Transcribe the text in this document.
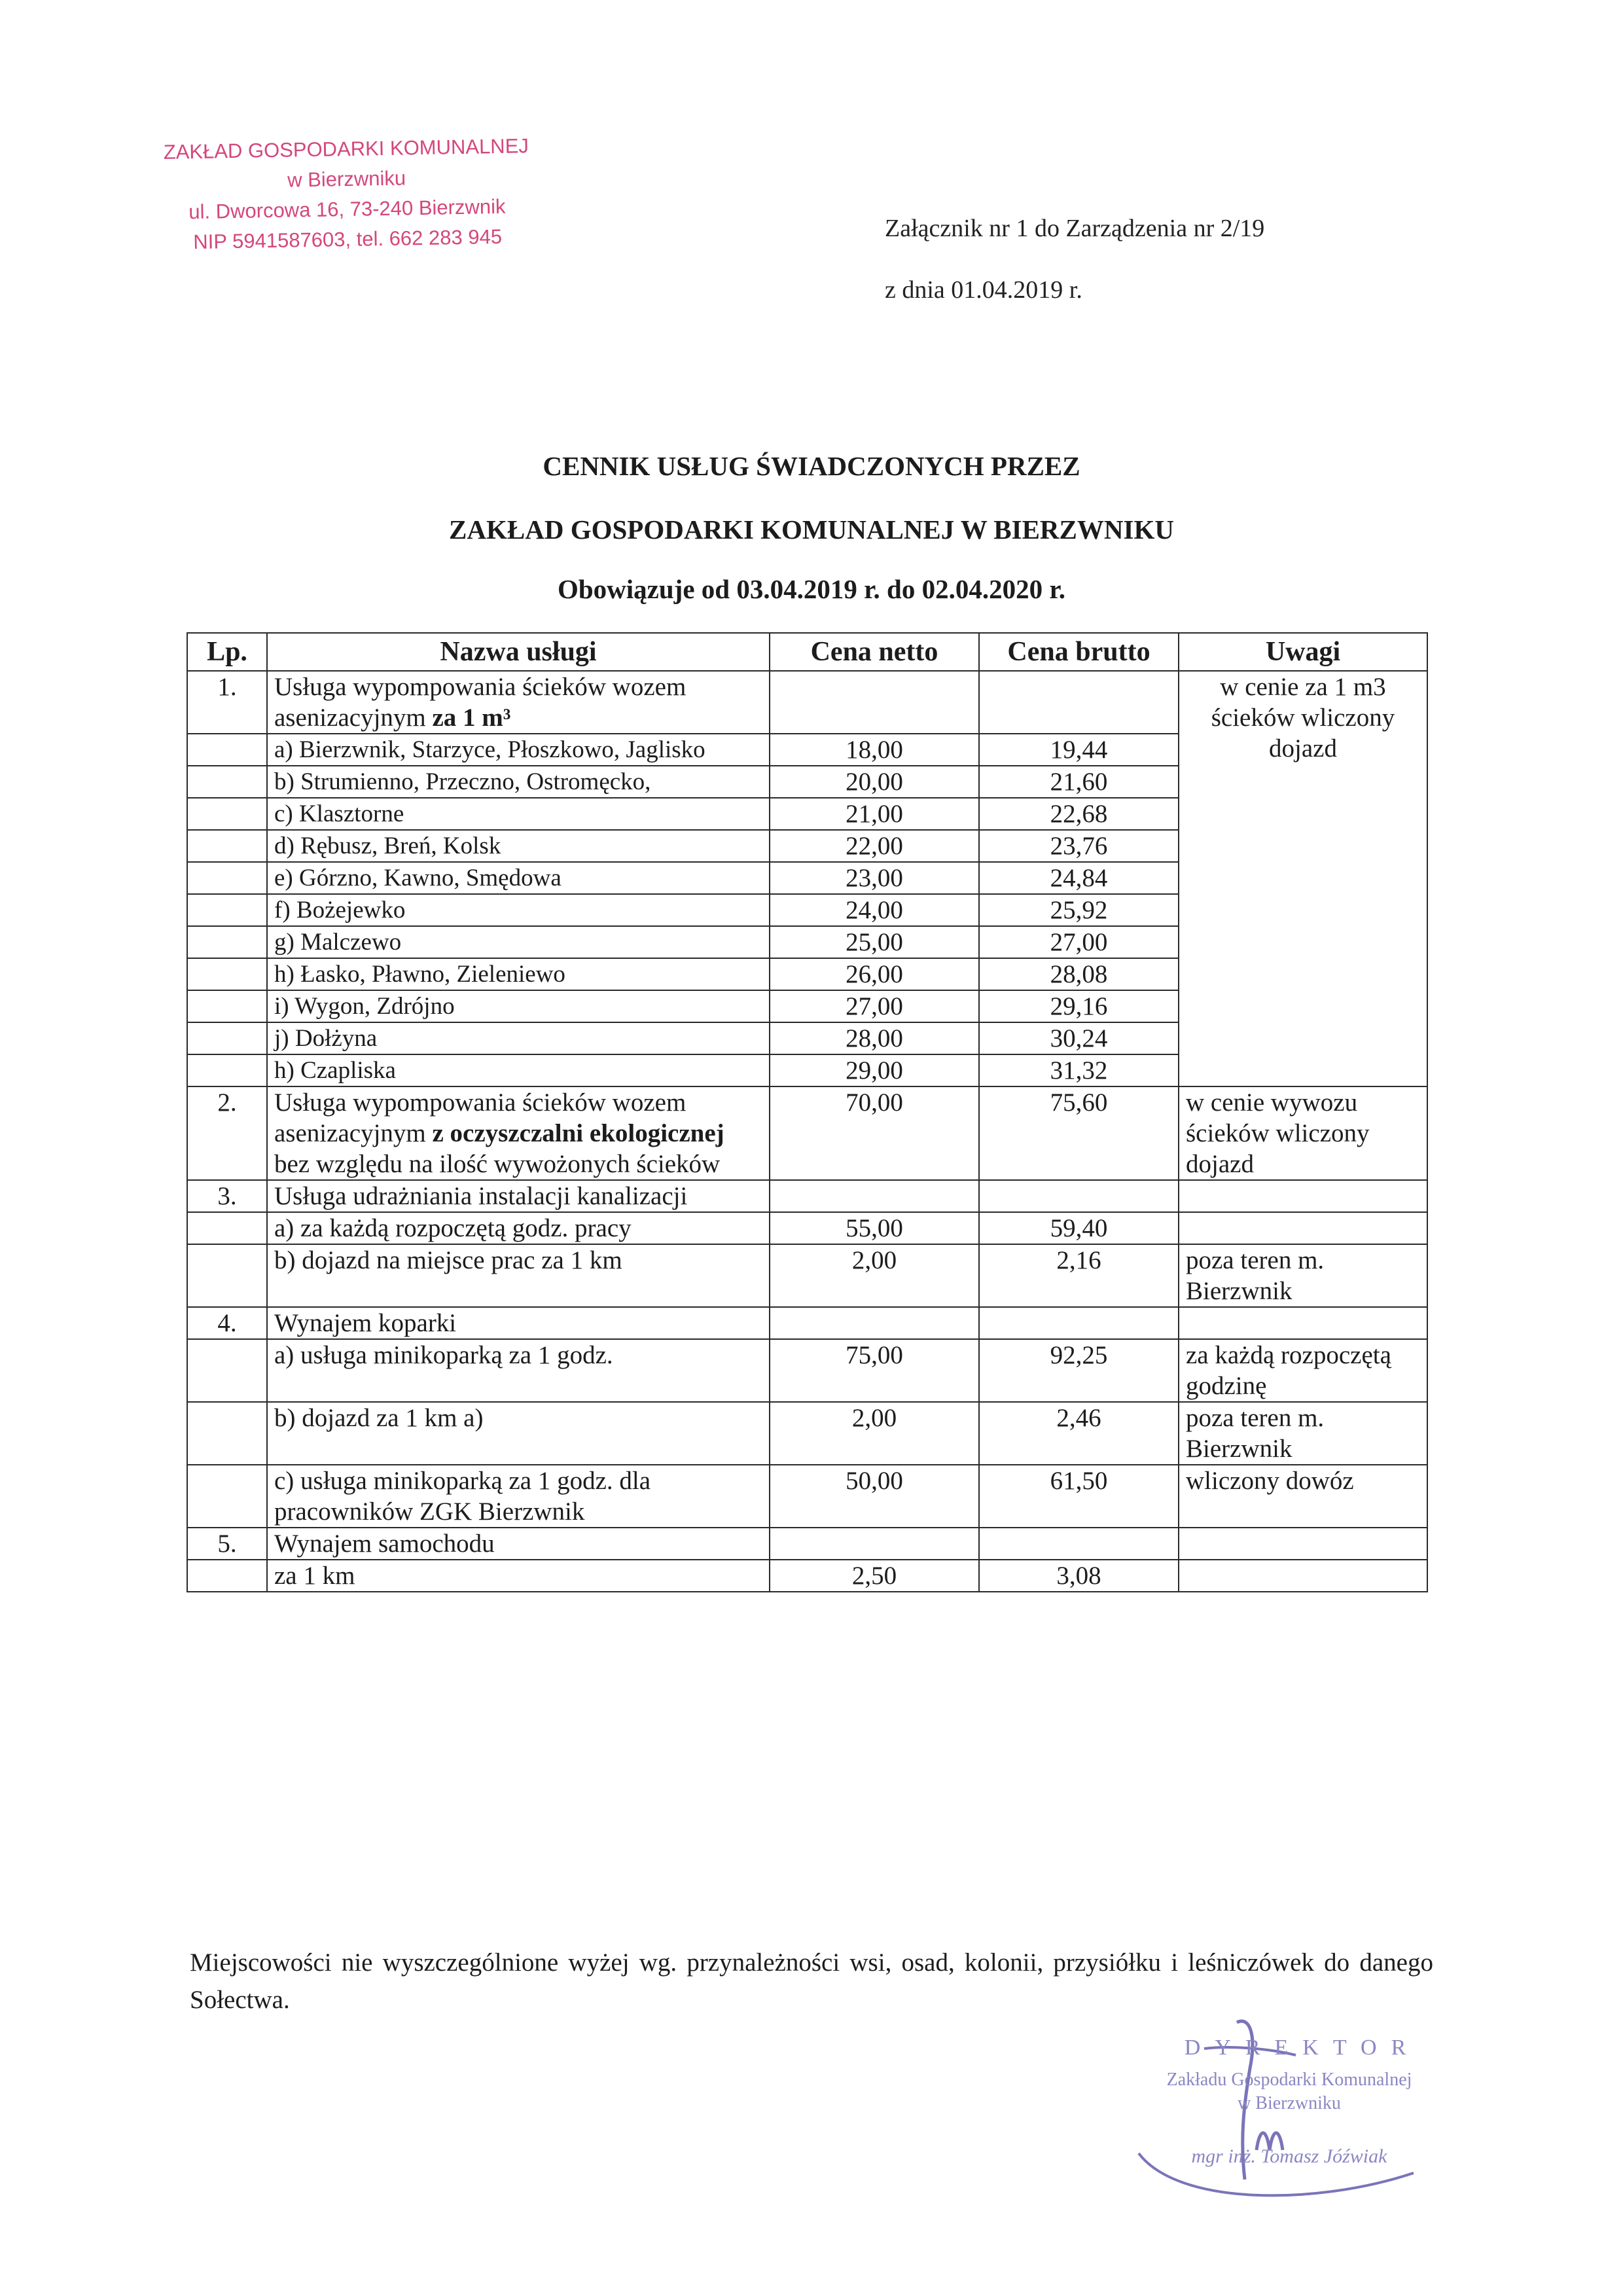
ZAKŁAD GOSPODARKI KOMUNALNEJ
w Bierzwniku
ul. Dworcowa 16, 73-240 Bierzwnik
NIP 5941587603, tel. 662 283 945	Załącznik nr 1 do Zarządzenia nr 2/19
z dnia 01.04.2019 r.
CENNIK USŁUG ŚWIADCZONYCH PRZEZ
ZAKŁAD GOSPODARKI KOMUNALNEJ W BIERZWNIKU
Obowiązuje od 03.04.2019 r. do 02.04.2020 r.
Lp.	Nazwa usługi	Cena netto	Cena brutto	Uwagi
1.	Usługa wypompowania ścieków wozem asenizacyjnym za 1 m³			w cenie za 1 m3 ścieków wliczony dojazd
	a) Bierzwnik, Starzyce, Płoszkowo, Jaglisko	18,00	19,44	
	b) Strumienno, Przeczno, Ostromęcko,	20,00	21,60	
	c) Klasztorne	21,00	22,68	
	d) Rębusz, Breń, Kolsk	22,00	23,76	
	e) Górzno, Kawno, Smędowa	23,00	24,84	
	f) Bożejewko	24,00	25,92	
	g) Malczewo	25,00	27,00	
	h) Łasko, Pławno, Zieleniewo	26,00	28,08	
	i) Wygon, Zdrójno	27,00	29,16	
	j) Dołżyna	28,00	30,24	
	h) Czapliska	29,00	31,32	
2.	Usługa wypompowania ścieków wozem asenizacyjnym z oczyszczalni ekologicznej bez względu na ilość wywożonych ścieków	70,00	75,60	w cenie wywozu ścieków wliczony dojazd
3.	Usługa udrażniania instalacji kanalizacji			
	a) za każdą rozpoczętą godz. pracy	55,00	59,40	
	b) dojazd na miejsce prac za 1 km	2,00	2,16	poza teren m. Bierzwnik
4.	Wynajem koparki			
	a) usługa minikoparką za 1 godz.	75,00	92,25	za każdą rozpoczętą godzinę
	b) dojazd za 1 km a)	2,00	2,46	poza teren m. Bierzwnik
	c) usługa minikoparką za 1 godz. dla pracowników ZGK Bierzwnik	50,00	61,50	wliczony dowóz
5.	Wynajem samochodu			
	za 1 km	2,50	3,08	
Miejscowości nie wyszczególnione wyżej wg. przynależności wsi, osad, kolonii, przysiółku i leśniczówek do danego Sołectwa.
DYREKTOR
Zakładu Gospodarki Komunalnej
w Bierzwniku
mgr inż. Tomasz Jóźwiak
